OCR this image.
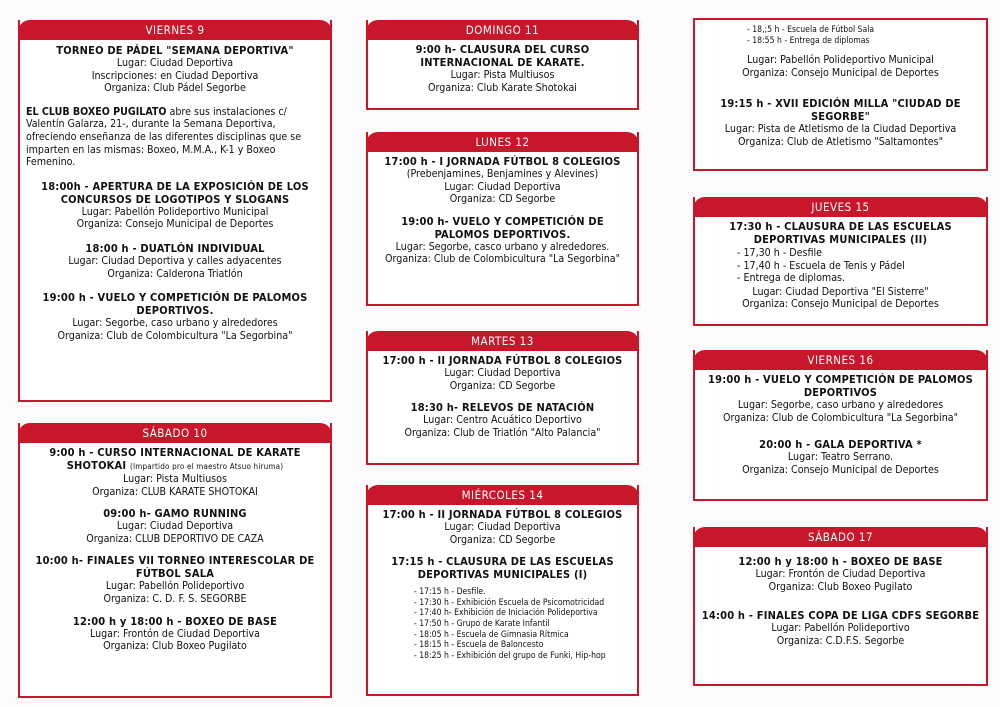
VIERNES 9
TORNEO DE PÁDEL "SEMANA DEPORTIVA"
Lugar: Ciudad Deportiva
Inscripciones: en Ciudad Deportiva
Organiza: Club Pádel Segorbe
EL CLUB BOXEO PUGILATO abre sus instalaciones c/ Valentín Galarza, 21-, durante la Semana Deportiva, ofreciendo enseñanza de las diferentes disciplinas que se imparten en las mismas: Boxeo, M.M.A., K-1 y Boxeo Femenino.
18:00h - APERTURA DE LA EXPOSICIÓN DE LOS CONCURSOS DE LOGOTIPOS Y SLOGANS
Lugar: Pabellón Polideportivo Municipal
Organiza: Consejo Municipal de Deportes
18:00 h - DUATLÓN INDIVIDUAL
Lugar: Ciudad Deportiva y calles adyacentes
Organiza: Calderona Triatlón
19:00 h - VUELO Y COMPETICIÓN DE PALOMOS DEPORTIVOS.
Lugar: Segorbe, caso urbano y alrededores
Organiza: Club de Colombicultura "La Segorbina"
SÁBADO 10
9:00 h - CURSO INTERNACIONAL DE KARATE SHOTOKAI (Impartido pro el maestro Atsuo hiruma)
Lugar: Pista Multiusos
Organiza: CLUB KARATE SHOTOKAI
09:00 h- GAMO RUNNING
Lugar: Ciudad Deportiva
Organiza: CLUB DEPORTIVO DE CAZA
10:00 h- FINALES VII TORNEO INTERESCOLAR DE FÚTBOL SALA
Lugar: Pabellón Polideportivo
Organiza: C. D. F. S. SEGORBE
12:00 h y 18:00 h - BOXEO DE BASE
Lugar: Frontón de Ciudad Deportiva
Organiza: Club Boxeo Pugilato
DOMINGO 11
9:00 h- CLAUSURA DEL CURSO INTERNACIONAL DE KARATE.
Lugar: Pista Multiusos
Organiza: Club Karate Shotokai
LUNES 12
17:00 h - I JORNADA FÚTBOL 8 COLEGIOS
(Prebenjamines, Benjamines y Alevines)
Lugar: Ciudad Deportiva
Organiza: CD Segorbe
19:00 h- VUELO Y COMPETICIÓN DE PALOMOS DEPORTIVOS.
Lugar: Segorbe, casco urbano y alrededores.
Organiza: Club de Colombicultura "La Segorbina"
MARTES 13
17:00 h - II JORNADA FÚTBOL 8 COLEGIOS
Lugar: Ciudad Deportiva
Organiza: CD Segorbe
18:30 h- RELEVOS DE NATACIÓN
Lugar: Centro Acuático Deportivo
Organiza: Club de Triatlón "Alto Palancia"
MIÉRCOLES 14
17:00 h - II JORNADA FÚTBOL 8 COLEGIOS
Lugar: Ciudad Deportiva
Organiza: CD Segorbe
17:15 h - CLAUSURA DE LAS ESCUELAS DEPORTIVAS MUNICIPALES (I)
- 17:15 h - Desfile.
- 17:30 h - Exhibición Escuela de Psicomotricidad
- 17:40 h- Exhibición de Iniciación Polideportiva
- 17:50 h - Grupo de Karate Infantil
- 18:05 h - Escuela de Gimnasia Rítmica
- 18:15 h - Escuela de Baloncesto
- 18:25 h - Exhibición del grupo de Funki, Hip-hop
- 18,;5 h - Escuela de Fútbol Sala
- 18:55 h - Entrega de diplomas
Lugar: Pabellón Polideportivo Municipal
Organiza: Consejo Municipal de Deportes
19:15 h - XVII EDICIÓN MILLA "CIUDAD DE SEGORBE"
Lugar: Pista de Atletismo de la Ciudad Deportiva
Organiza: Club de Atletismo "Saltamontes"
JUEVES 15
17:30 h - CLAUSURA DE LAS ESCUELAS DEPORTIVAS MUNICIPALES (II)
- 17,30 h - Desfile
- 17,40 h - Escuela de Tenis y Pádel
- Entrega de diplomas.
Lugar: Ciudad Deportiva "El Sisterre"
Organiza: Consejo Municipal de Deportes
VIERNES 16
19:00 h - VUELO Y COMPETICIÓN DE PALOMOS DEPORTIVOS
Lugar: Segorbe, caso urbano y alrededores
Organiza: Club de Colombicultura "La Segorbina"
20:00 h - GALA DEPORTIVA *
Lugar: Teatro Serrano.
Organiza: Consejo Municipal de Deportes
SÁBADO 17
12:00 h y 18:00 h - BOXEO DE BASE
Lugar: Frontón de Ciudad Deportiva
Organiza: Club Boxeo Pugilato
14:00 h - FINALES COPA DE LIGA CDFS SEGORBE
Lugar: Pabellón Polideportivo
Organiza: C.D.F.S. Segorbe
